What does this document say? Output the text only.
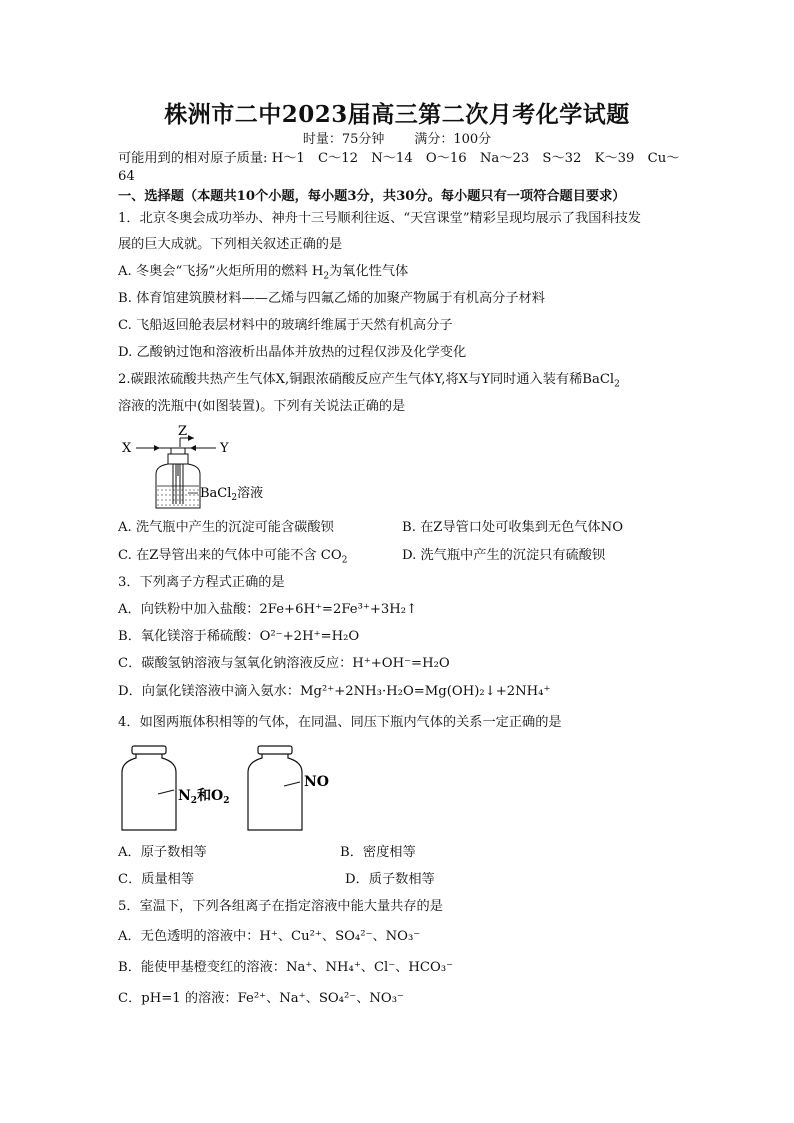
株洲市二中2023届高三第二次月考化学试题
时量：75分钟 满分：100分
可能用到的相对原子质量: H～1　C～12　N～14　O～16　Na～23　S～32　K～39　Cu～
64
一、选择题（本题共10个小题，每小题3分，共30分。每小题只有一项符合题目要求）
1．北京冬奥会成功举办、神舟十三号顺利往返、“天宫课堂”精彩呈现均展示了我国科技发
展的巨大成就。下列相关叙述正确的是
A. 冬奥会“飞扬”火炬所用的燃料 $H_2$为氧化性气体
B. 体育馆建筑膜材料——乙烯与四氟乙烯的加聚产物属于有机高分子材料
C. 飞船返回舱表层材料中的玻璃纤维属于天然有机高分子
D. 乙酸钠过饱和溶液析出晶体并放热的过程仅涉及化学变化
2.碳跟浓硫酸共热产生气体X,铜跟浓硝酸反应产生气体Y,将X与Y同时通入装有稀BaCl$_2$
溶液的洗瓶中(如图装置)。下列有关说法正确的是
X
Z
Y
BaCl$_2$溶液
A. 洗气瓶中产生的沉淀可能含碳酸钡	B. 在Z导管口处可收集到无色气体NO
C. 在Z导管出来的气体中可能不含 $CO_2$	D. 洗气瓶中产生的沉淀只有硫酸钡
3．下列离子方程式正确的是
A．向铁粉中加入盐酸：2Fe+6H⁺=2Fe³⁺+3H₂↑
B．氧化镁溶于稀硫酸：O²⁻+2H⁺=H₂O
C．碳酸氢钠溶液与氢氧化钠溶液反应：H⁺+OH⁻=H₂O
D．向氯化镁溶液中滴入氨水：Mg²⁺+2NH₃·H₂O=Mg(OH)₂↓+2NH₄⁺
4．如图两瓶体积相等的气体，在同温、同压下瓶内气体的关系一定正确的是
$N_2$和$O_2$
NO
A．原子数相等	B．密度相等
C．质量相等	D．质子数相等
5．室温下，下列各组离子在指定溶液中能大量共存的是
A．无色透明的溶液中：H⁺、Cu²⁺、SO₄²⁻、NO₃⁻
B．能使甲基橙变红的溶液：Na⁺、NH₄⁺、Cl⁻、HCO₃⁻
C．pH=1 的溶液：Fe²⁺、Na⁺、SO₄²⁻、NO₃⁻
